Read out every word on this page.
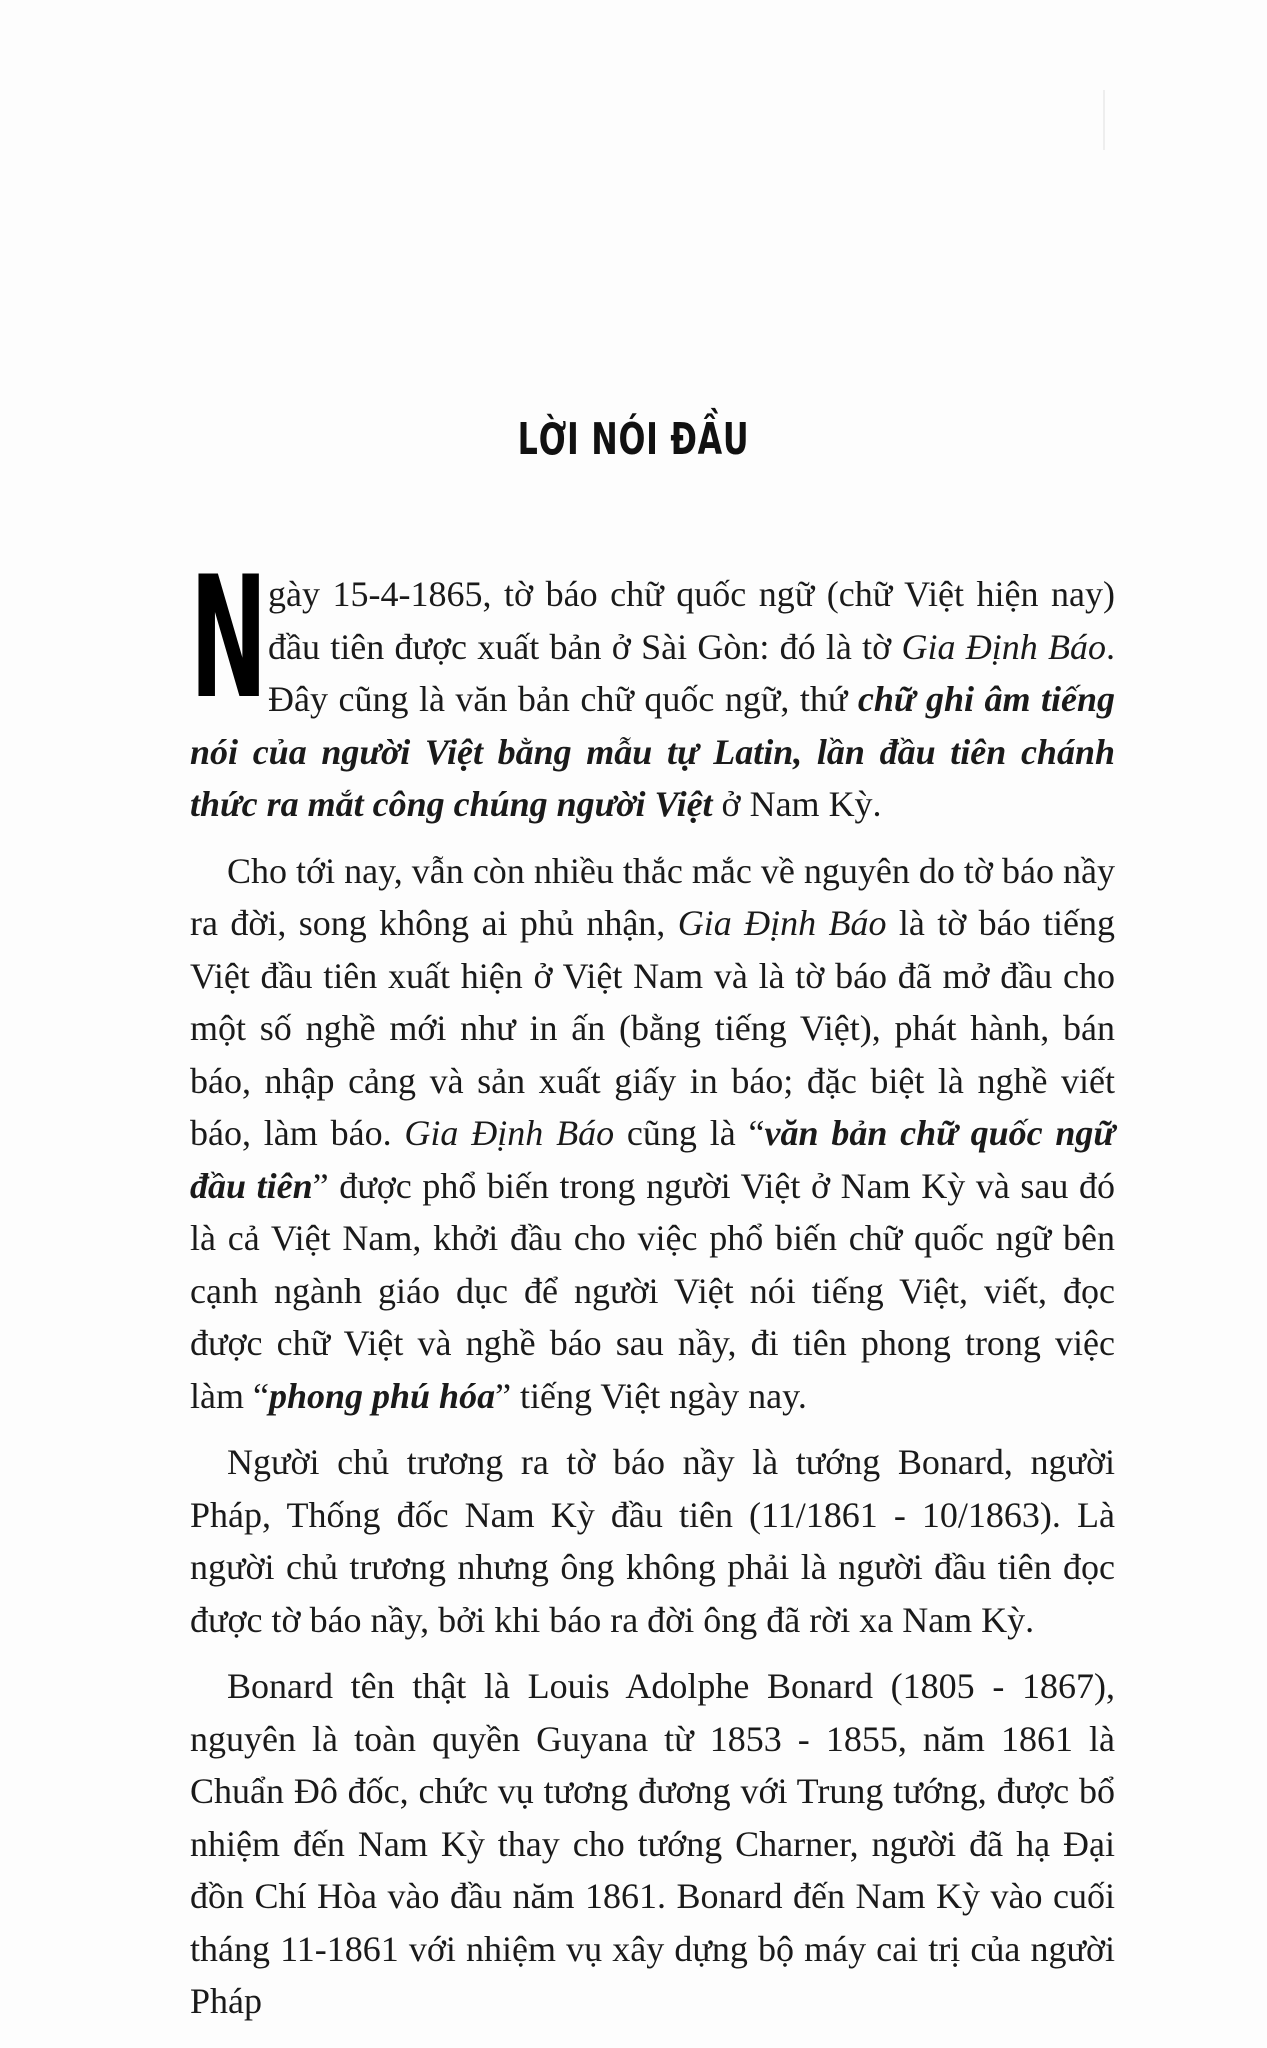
LỜI NÓI ĐẦU

Ngày 15-4-1865, tờ báo chữ quốc ngữ (chữ Việt hiện nay) đầu tiên được xuất bản ở Sài Gòn: đó là tờ Gia Định Báo. Đây cũng là văn bản chữ quốc ngữ, thứ chữ ghi âm tiếng nói của người Việt bằng mẫu tự Latin, lần đầu tiên chánh thức ra mắt công chúng người Việt ở Nam Kỳ.

Cho tới nay, vẫn còn nhiều thắc mắc về nguyên do tờ báo nầy ra đời, song không ai phủ nhận, Gia Định Báo là tờ báo tiếng Việt đầu tiên xuất hiện ở Việt Nam và là tờ báo đã mở đầu cho một số nghề mới như in ấn (bằng tiếng Việt), phát hành, bán báo, nhập cảng và sản xuất giấy in báo; đặc biệt là nghề viết báo, làm báo. Gia Định Báo cũng là “văn bản chữ quốc ngữ đầu tiên” được phổ biến trong người Việt ở Nam Kỳ và sau đó là cả Việt Nam, khởi đầu cho việc phổ biến chữ quốc ngữ bên cạnh ngành giáo dục để người Việt nói tiếng Việt, viết, đọc được chữ Việt và nghề báo sau nầy, đi tiên phong trong việc làm “phong phú hóa” tiếng Việt ngày nay.

Người chủ trương ra tờ báo nầy là tướng Bonard, người Pháp, Thống đốc Nam Kỳ đầu tiên (11/1861 - 10/1863). Là người chủ trương nhưng ông không phải là người đầu tiên đọc được tờ báo nầy, bởi khi báo ra đời ông đã rời xa Nam Kỳ.

Bonard tên thật là Louis Adolphe Bonard (1805 - 1867), nguyên là toàn quyền Guyana từ 1853 - 1855, năm 1861 là Chuẩn Đô đốc, chức vụ tương đương với Trung tướng, được bổ nhiệm đến Nam Kỳ thay cho tướng Charner, người đã hạ Đại đồn Chí Hòa vào đầu năm 1861. Bonard đến Nam Kỳ vào cuối tháng 11-1861 với nhiệm vụ xây dựng bộ máy cai trị của người Pháp
